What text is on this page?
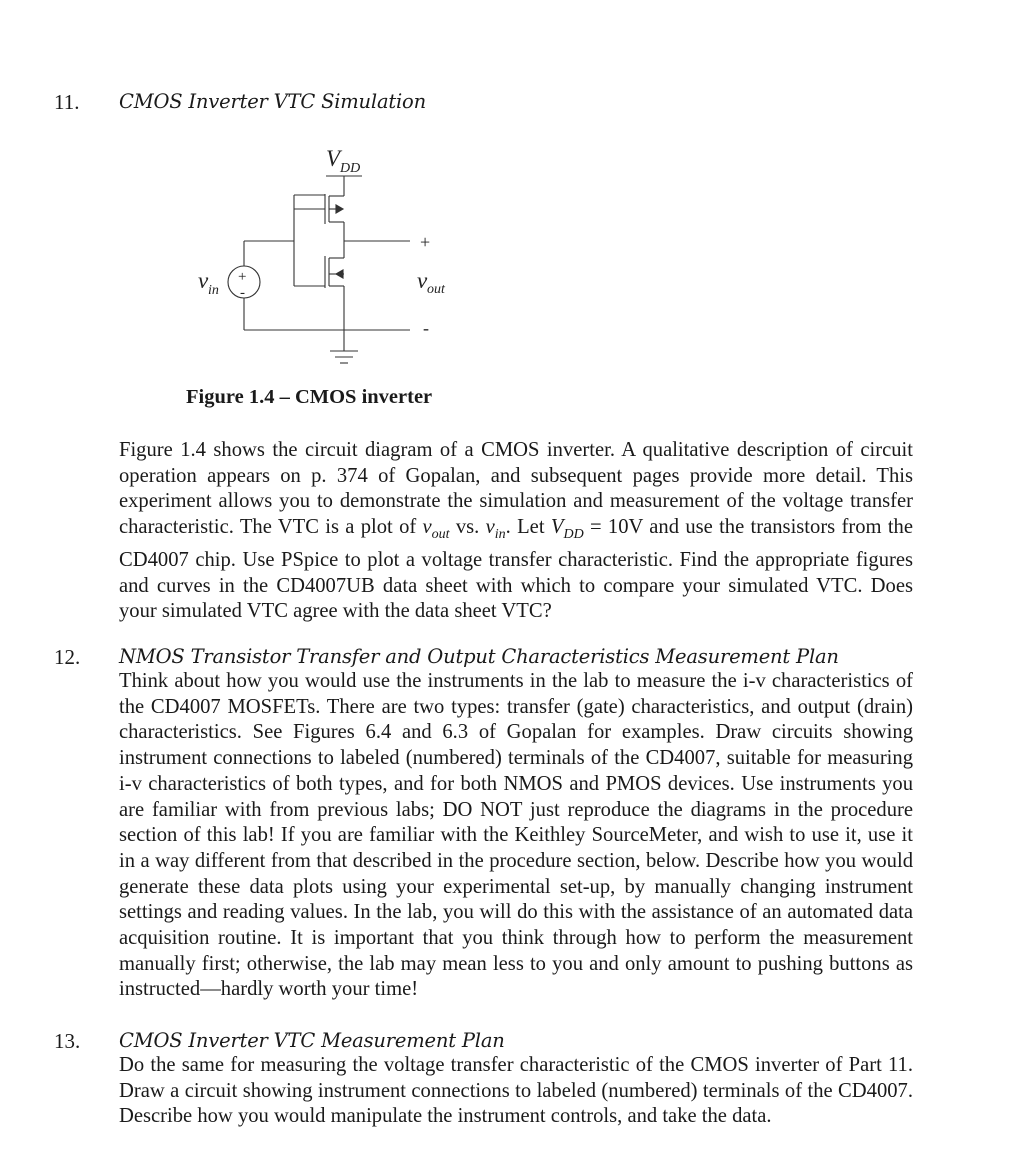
11. CMOS Inverter VTC Simulation
V DD
+
-
v in
+
v out
-
Figure 1.4 – CMOS inverter
Figure 1.4 shows the circuit diagram of a CMOS inverter. A qualitative description of circuit operation appears on p. 374 of Gopalan, and subsequent pages provide more detail. This experiment allows you to demonstrate the simulation and measurement of the voltage transfer characteristic. The VTC is a plot of $v_{out}$ vs. $v_{in}$. Let $V_{DD} = 10V$ and use the transistors from the CD4007 chip. Use PSpice to plot a voltage transfer characteristic. Find the appropriate figures and curves in the CD4007UB data sheet with which to compare your simulated VTC. Does your simulated VTC agree with the data sheet VTC?
12. NMOS Transistor Transfer and Output Characteristics Measurement Plan
Think about how you would use the instruments in the lab to measure the i-v characteristics of the CD4007 MOSFETs. There are two types: transfer (gate) characteristics, and output (drain) characteristics. See Figures 6.4 and 6.3 of Gopalan for examples. Draw circuits showing instrument connections to labeled (numbered) terminals of the CD4007, suitable for measuring i-v characteristics of both types, and for both NMOS and PMOS devices. Use instruments you are familiar with from previous labs; DO NOT just reproduce the diagrams in the procedure section of this lab! If you are familiar with the Keithley SourceMeter, and wish to use it, use it in a way different from that described in the procedure section, below. Describe how you would generate these data plots using your experimental set-up, by manually changing instrument settings and reading values. In the lab, you will do this with the assistance of an automated data acquisition routine. It is important that you think through how to perform the measurement manually first; otherwise, the lab may mean less to you and only amount to pushing buttons as instructed—hardly worth your time!
13. CMOS Inverter VTC Measurement Plan
Do the same for measuring the voltage transfer characteristic of the CMOS inverter of Part 11. Draw a circuit showing instrument connections to labeled (numbered) terminals of the CD4007. Describe how you would manipulate the instrument controls, and take the data.
